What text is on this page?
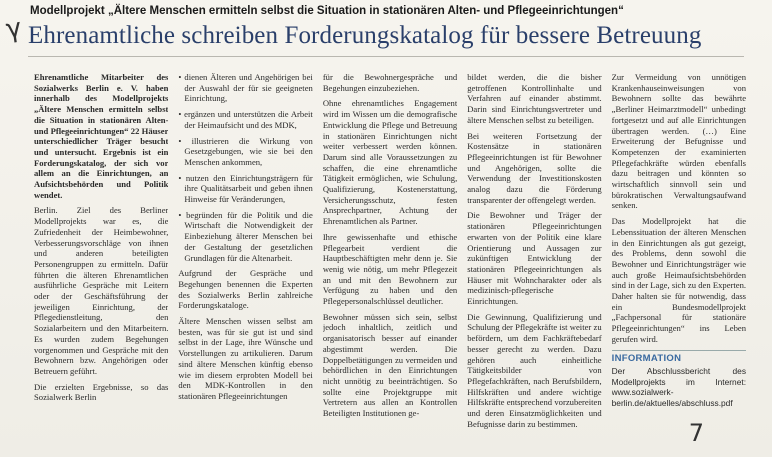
Modellprojekt „Ältere Menschen ermitteln selbst die Situation in stationären Alten- und Pflegeeinrichtungen“
γ Ehrenamtliche schreiben Forderungskatalog für bessere Betreuung

Ehrenamtliche Mitarbeiter des Sozialwerks Berlin e. V. haben innerhalb des Modellprojekts „Ältere Menschen ermitteln selbst die Situation in stationären Alten- und Pflegeeinrichtungen“ 22 Häuser unterschiedlicher Träger besucht und untersucht. Ergebnis ist ein Forderungskatalog, der sich vor allem an die Einrichtungen, an Aufsichtsbehörden und Politik wendet.

Berlin. Ziel des Berliner Modellprojekts war es, die Zufriedenheit der Heimbewohner, Verbesserungsvorschläge von ihnen und anderen beteiligten Personengruppen zu ermitteln. Dafür führten die älteren Ehrenamtlichen ausführliche Gespräche mit Leitern oder der Geschäftsführung der jeweiligen Einrichtung, der Pflegedienstleitung, den Sozialarbeitern und den Mitarbeitern. Es wurden zudem Begehungen vorgenommen und Gespräche mit den Bewohnern bzw. Angehörigen oder Betreuern geführt.

Die erzielten Ergebnisse, so das Sozialwerk Berlin

• dienen Älteren und Angehörigen bei der Auswahl der für sie geeigneten Einrichtung,

• ergänzen und unterstützen die Arbeit der Heimaufsicht und des MDK,

• illustrieren die Wirkung von Gesetzgebungen, wie sie bei den Menschen ankommen,

• nutzen den Einrichtungsträgern für ihre Qualitätsarbeit und geben ihnen Hinweise für Veränderungen,

• begründen für die Politik und die Wirtschaft die Notwendigkeit der Einbeziehung älterer Menschen bei der Gestaltung der gesetzlichen Grundlagen für die Altenarbeit.

Aufgrund der Gespräche und Begehungen benennen die Experten des Sozialwerks Berlin zahlreiche Forderungskataloge.

Ältere Menschen wissen selbst am besten, was für sie gut ist und sind selbst in der Lage, ihre Wünsche und Vorstellungen zu artikulieren. Darum sind ältere Menschen künftig ebenso wie im diesem erprobten Modell bei den MDK-Kontrollen in den stationären Pflegeeinrichtungen

für die Bewohnergespräche und Begehungen einzubeziehen.

Ohne ehrenamtliches Engagement wird im Wissen um die demografische Entwicklung die Pflege und Betreuung in stationären Einrichtungen nicht weiter verbessert werden können. Darum sind alle Voraussetzungen zu schaffen, die eine ehrenamtliche Tätigkeit ermöglichen, wie Schulung, Qualifizierung, Kostenerstattung, Versicherungsschutz, festen Ansprechpartner, Achtung der Ehrenamtlichen als Partner.

Ihre gewissenhafte und ethische Pflegearbeit verdient die Hauptbeschäftigten mehr denn je. Sie wenig wie nötig, um mehr Pflegezeit an und mit den Bewohnern zur Verfügung zu haben und den Pflegepersonalschlüssel deutlicher.

Bewohner müssen sich sein, selbst jedoch inhaltlich, zeitlich und organisatorisch besser auf einander abgestimmt werden. Die Doppelbetätigungen zu vermeiden und behördlichen in den Einrichtungen nicht unnötig zu beeinträchtigen. So sollte eine Projektgruppe mit Vertretern aus allen an Kontrollen Beteiligten Institutionen ge-

bildet werden, die die bisher getroffenen Kontrollinhalte und Verfahren auf einander abstimmt. Darin sind Einrichtungsvertreter und ältere Menschen selbst zu beteiligen.

Bei weiteren Fortsetzung der Kostensätze in stationären Pflegeeinrichtungen ist für Bewohner und Angehörigen, sollte die Verwendung der Investitionskosten analog dazu die Förderung transparenter der offengelegt werden.

Die Bewohner und Träger der stationären Pflegeeinrichtungen erwarten von der Politik eine klare Orientierung und Aussagen zur zukünftigen Entwicklung der stationären Pflegeeinrichtungen als Häuser mit Wohncharakter oder als medizinisch-pflegerische Einrichtungen.

Die Gewinnung, Qualifizierung und Schulung der Pflegekräfte ist weiter zu befördern, um dem Fachkräftebedarf besser gerecht zu werden. Dazu gehören auch einheitliche Tätigkeitsbilder von Pflegefachkräften, nach Berufsbildern, Hilfskräften und andere wichtige Hilfskräfte entsprechend vorzubereiten und deren Einsatzmöglichkeiten und Befugnisse darin zu bestimmen.

Zur Vermeidung von unnötigen Krankenhauseinweisungen von Bewohnern sollte das bewährte „Berliner Heimarztmodell“ unbedingt fortgesetzt und auf alle Einrichtungen übertragen werden. (…) Eine Erweiterung der Befugnisse und Kompetenzen der examinierten Pflegefachkräfte würden ebenfalls dazu beitragen und könnten so wirtschaftlich sinnvoll sein und bürokratischen Verwaltungsaufwand senken.

Das Modellprojekt hat die Lebenssituation der älteren Menschen in den Einrichtungen als gut gezeigt, des Problems, denn sowohl die Bewohner und Einrichtungsträger wie auch große Heimaufsichtsbehörden sind in der Lage, sich zu den Experten. Daher halten sie für notwendig, dass ein Bundesmodellprojekt „Fachpersonal für stationäre Pflegeeinrichtungen“ ins Leben gerufen wird.

INFORMATION
Der Abschlussbericht des Modellprojekts im Internet: www.sozialwerk-berlin.de/aktuelles/abschluss.pdf
7
